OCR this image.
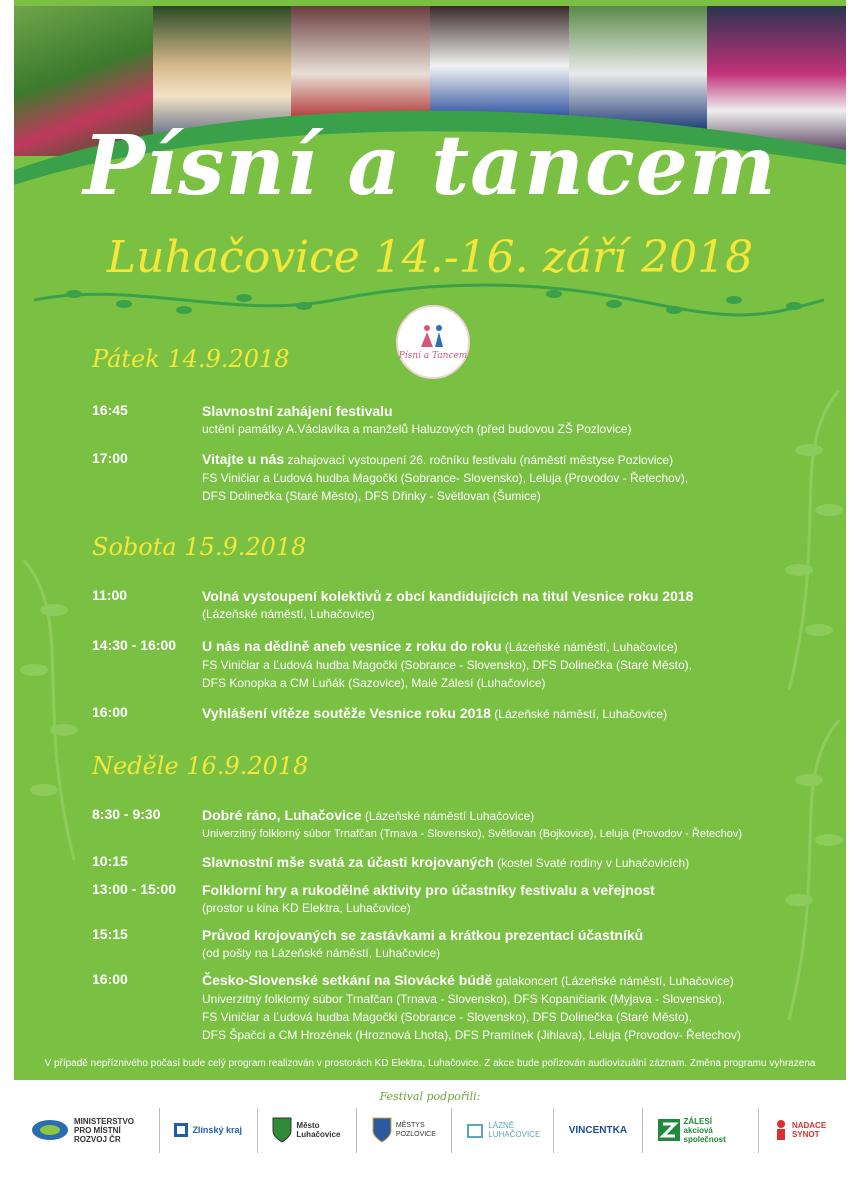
Písní a tancem
Luhačovice 14.-16. září 2018
Písní a Tancem
Pátek 14.9.2018
16:45	Slavnostní zahájení festivalu
uctění památky A.Václavíka a manželů Haluzových (před budovou ZŠ Pozlovice)
17:00	Vitajte u nás zahajovací vystoupení 26. ročníku festivalu (náměstí městyse Pozlovice)
FS Viničiar a Ľudová hudba Magočki (Sobrance- Slovensko), Leluja (Provodov - Řetechov),
DFS Dolinečka (Staré Město), DFS Dřinky - Světlovan (Šumice)
Sobota 15.9.2018
11:00	Volná vystoupení kolektivů z obcí kandidujících na titul Vesnice roku 2018
(Lázeňské náměstí, Luhačovice)
14:30 - 16:00 U nás na dědině aneb vesnice z roku do roku (Lázeňské náměstí, Luhačovice)
FS Viničiar a Ľudová hudba Magočki (Sobrance - Slovensko), DFS Dolinečka (Staré Město),
DFS Konopka a CM Luňák (Sazovice), Malé Zálesí (Luhačovice)
16:00	Vyhlášení vítěze soutěže Vesnice roku 2018 (Lázeňské náměstí, Luhačovice)
Neděle 16.9.2018
8:30 - 9:30	Dobré ráno, Luhačovice (Lázeňské náměstí Luhačovice)
Univerzitný folklorný súbor Trnafčan (Trnava - Slovensko), Světlovan (Bojkovice), Leluja (Provodov - Řetechov)
10:15	Slavnostní mše svatá za účasti krojovaných (kostel Svaté rodiny v Luhačovicích)
13:00 - 15:00 Folklorní hry a rukodělné aktivity pro účastníky festivalu a veřejnost
(prostor u kina KD Elektra, Luhačovice)
15:15	Průvod krojovaných se zastávkami a krátkou prezentací účastníků
(od pošty na Lázeňské náměstí, Luhačovice)
16:00	Česko-Slovenské setkání na Slovácké búdě galakoncert (Lázeňské náměstí, Luhačovice)
Univerzitný folklorný súbor Trnafčan (Trnava - Slovensko), DFS Kopaničiarik (Myjava - Slovensko),
FS Viničiar a Ľudová hudba Magočki (Sobrance - Slovensko), DFS Dolinečka (Staré Město),
DFS Špačci a CM Hrozének (Hroznová Lhota), DFS Pramínek (Jihlava), Leluja (Provodov- Řetechov)
V případě nepříznivého počasí bude celý program realizován v prostorách KD Elektra, Luhačovice. Z akce bude pořizován audiovizuální záznam. Změna programu vyhrazena
Festival podpořili:
MINISTERSTVO PRO MÍSTNÍ ROZVOJ ČR
Zlínský kraj	Město Luhačovice
MĚSTYS POZLOVICE
LÁZNĚ LUHAČOVICE	VINCENTKA
ZÁLESÍ akciová společnost
NADACE SYNOT
